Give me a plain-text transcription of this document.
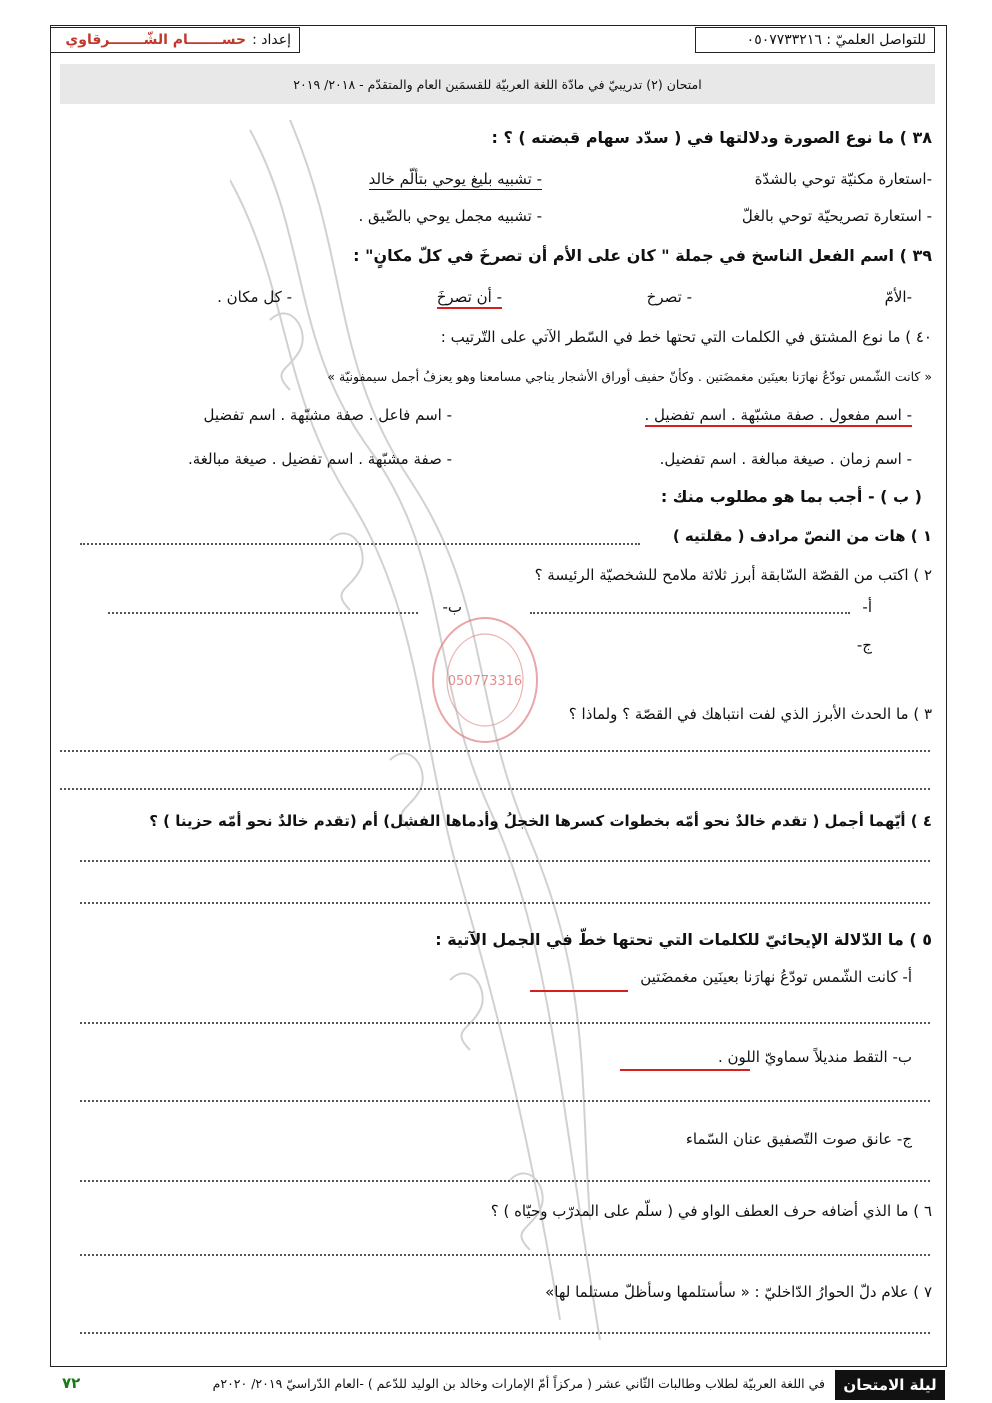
للتواصل العلميّ : ٠٥٠٧٧٣٣٢١٦
إعداد :
حســـــــام الشّـــــــرقاوي
امتحان (٢) تدريبيّ في مادّة اللغة العربيّة للقسمَين العام والمتقدّم - ٢٠١٨/ ٢٠١٩
050773316
٣٨ ) ما نوع الصورة ودلالتها في ( سدّد سهام قبضته ) ؟ :
-استعارة مكنيّة توحي بالشدّة
- تشبيه بليغ يوحي بتألّم خالد
- استعارة تصريحيّة توحي بالغلّ
- تشبيه مجمل يوحي بالضّيق .
٣٩ ) اسم الفعل الناسخ في جملة " كان على الأم أن تصرخَ في كلّ مكانٍ" :
-الأمّ
- تصرخ
- أن تصرخَ
- كل مكان .
٤٠ ) ما نوع المشتق في الكلمات التي تحتها خط في السّطر الآتي على التّرتيب :
« كانت الشّمس تودّعُ نهارَنا بعينَين مغمضَتين . وكأنّ حفيف أوراق الأشجار يناجي مسامعنا وهو يعزفُ أجمل سيمفونيّة »
- اسم مفعول . صفة مشبّهة . اسم تفضيل .
- اسم فاعل . صفة مشبّهة . اسم تفضيل
- اسم زمان . صيغة مبالغة . اسم تفضيل.
- صفة مشبّهة . اسم تفضيل . صيغة مبالغة.
( ب ) - أجب بما هو مطلوب منك :
١ ) هات من النصّ مرادف ( مقلتيه )
٢ ) اكتب من القصّة السّابقة أبرز ثلاثة ملامح للشخصيّة الرئيسة ؟
أ-
ب-
ج-
٣ ) ما الحدث الأبرز الذي لفت انتباهك في القصّة ؟ ولماذا ؟
٤ ) أيّهما أجمل ( تقدم خالدٌ نحو أمّه بخطوات كسرها الخجلُ وأدماها الفشل) أم (تقدم خالدٌ نحو أمّه حزينا ) ؟
٥ ) ما الدّلالة الإيحائيّ للكلمات التي تحتها خطّ في الجمل الآتية :
أ- كانت الشّمس تودّعُ نهارَنا بعينَين مغمضَتين
ب- التقط منديلاً سماويّ اللون .
ج- عانق صوت التّصفيق عنان السّماء
٦ ) ما الذي أضافه حرف العطف الواو في ( سلّم على المدرّب وحيّاه ) ؟
٧ ) علام دلّ الحوارُ الدّاخليّ : « سأستلمها وسأظلّ مستلما لها»
ليلة الامتحان
في اللغة العربيّة لطلاب وطالبات الثّاني عشر ( مركزاً أمّ الإمارات وخالد بن الوليد للدّعم ) -العام الدّراسيّ ٢٠١٩/ ٢٠٢٠م
٧٢
